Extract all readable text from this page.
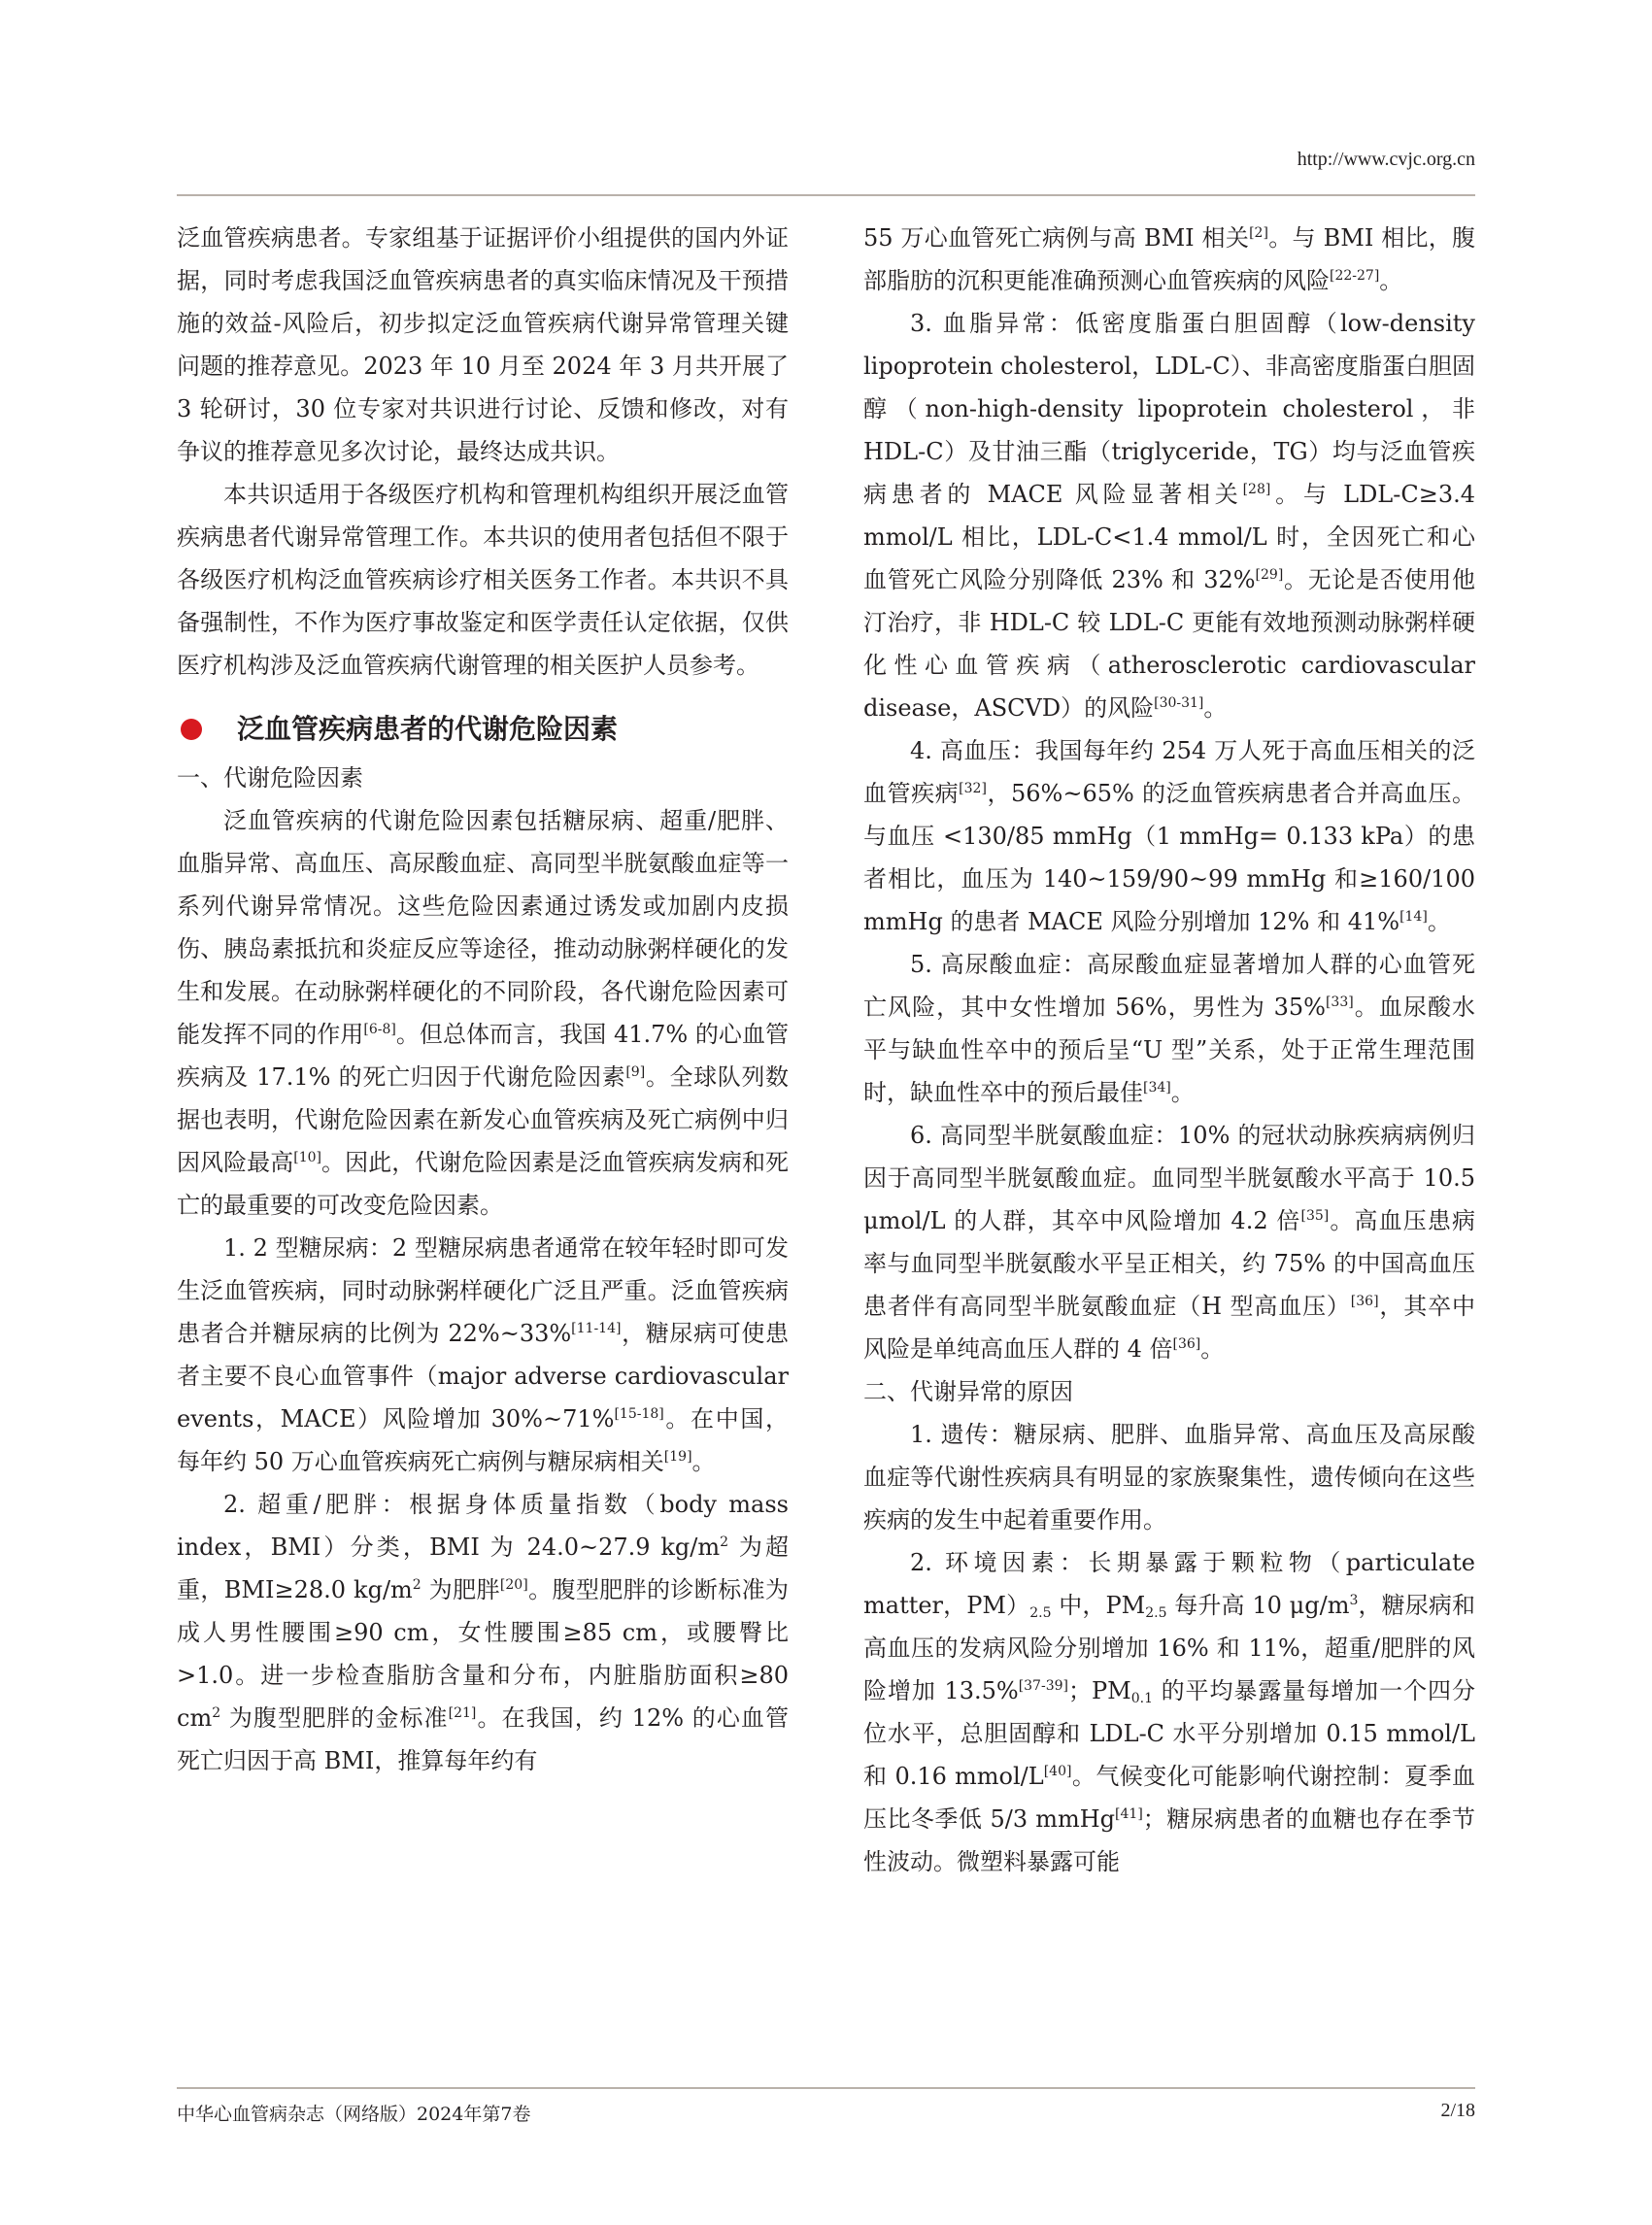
http://www.cvjc.org.cn

泛血管疾病患者。专家组基于证据评价小组提供的国内外证据，同时考虑我国泛血管疾病患者的真实临床情况及干预措施的效益-风险后，初步拟定泛血管疾病代谢异常管理关键问题的推荐意见。2023 年 10 月至 2024 年 3 月共开展了 3 轮研讨，30 位专家对共识进行讨论、反馈和修改，对有争议的推荐意见多次讨论，最终达成共识。

本共识适用于各级医疗机构和管理机构组织开展泛血管疾病患者代谢异常管理工作。本共识的使用者包括但不限于各级医疗机构泛血管疾病诊疗相关医务工作者。本共识不具备强制性，不作为医疗事故鉴定和医学责任认定依据，仅供医疗机构涉及泛血管疾病代谢管理的相关医护人员参考。

泛血管疾病患者的代谢危险因素

一、代谢危险因素

泛血管疾病的代谢危险因素包括糖尿病、超重/肥胖、血脂异常、高血压、高尿酸血症、高同型半胱氨酸血症等一系列代谢异常情况。这些危险因素通过诱发或加剧内皮损伤、胰岛素抵抗和炎症反应等途径，推动动脉粥样硬化的发生和发展。在动脉粥样硬化的不同阶段，各代谢危险因素可能发挥不同的作用[6-8]。但总体而言，我国 41.7% 的心血管疾病及 17.1% 的死亡归因于代谢危险因素[9]。全球队列数据也表明，代谢危险因素在新发心血管疾病及死亡病例中归因风险最高[10]。因此，代谢危险因素是泛血管疾病发病和死亡的最重要的可改变危险因素。

1. 2 型糖尿病：2 型糖尿病患者通常在较年轻时即可发生泛血管疾病，同时动脉粥样硬化广泛且严重。泛血管疾病患者合并糖尿病的比例为 22%~33%[11-14]，糖尿病可使患者主要不良心血管事件（major adverse cardiovascular events，MACE）风险增加 30%~71%[15-18]。在中国，每年约 50 万心血管疾病死亡病例与糖尿病相关[19]。

2. 超重/肥胖：根据身体质量指数（body mass index，BMI）分类，BMI 为 24.0~27.9 $kg/m^2$ 为超重，BMI≥28.0 $kg/m^2$ 为肥胖[20]。腹型肥胖的诊断标准为成人男性腰围≥90 cm，女性腰围≥85 cm，或腰臀比>1.0。进一步检查脂肪含量和分布，内脏脂肪面积≥80 $cm^2$ 为腹型肥胖的金标准[21]。在我国，约 12% 的心血管死亡归因于高 BMI，推算每年约有

55 万心血管死亡病例与高 BMI 相关[2]。与 BMI 相比，腹部脂肪的沉积更能准确预测心血管疾病的风险[22-27]。

3. 血脂异常：低密度脂蛋白胆固醇（low-density lipoprotein cholesterol，LDL-C）、非高密度脂蛋白胆固醇（non-high-density lipoprotein cholesterol，非 HDL-C）及甘油三酯（triglyceride，TG）均与泛血管疾病患者的 MACE 风险显著相关[28]。与 LDL-C≥3.4 mmol/L 相比，LDL-C<1.4 mmol/L 时，全因死亡和心血管死亡风险分别降低 23% 和 32%[29]。无论是否使用他汀治疗，非 HDL-C 较 LDL-C 更能有效地预测动脉粥样硬化性心血管疾病（atherosclerotic cardiovascular disease，ASCVD）的风险[30-31]。

4. 高血压：我国每年约 254 万人死于高血压相关的泛血管疾病[32]，56%~65% 的泛血管疾病患者合并高血压。与血压 <130/85 mmHg（1 mmHg= 0.133 kPa）的患者相比，血压为 140~159/90~99 mmHg 和≥160/100 mmHg 的患者 MACE 风险分别增加 12% 和 41%[14]。

5. 高尿酸血症：高尿酸血症显著增加人群的心血管死亡风险，其中女性增加 56%，男性为 35%[33]。血尿酸水平与缺血性卒中的预后呈“U 型”关系，处于正常生理范围时，缺血性卒中的预后最佳[34]。

6. 高同型半胱氨酸血症：10% 的冠状动脉疾病病例归因于高同型半胱氨酸血症。血同型半胱氨酸水平高于 10.5 μmol/L 的人群，其卒中风险增加 4.2 倍[35]。高血压患病率与血同型半胱氨酸水平呈正相关，约 75% 的中国高血压患者伴有高同型半胱氨酸血症（H 型高血压）[36]，其卒中风险是单纯高血压人群的 4 倍[36]。

二、代谢异常的原因

1. 遗传：糖尿病、肥胖、血脂异常、高血压及高尿酸血症等代谢性疾病具有明显的家族聚集性，遗传倾向在这些疾病的发生中起着重要作用。

2. 环境因素：长期暴露于颗粒物（particulate matter，$PM)_{2.5}$ 中，$PM_{2.5}$ 每升高 10 $\mu g/m^3$，糖尿病和高血压的发病风险分别增加 16% 和 11%，超重/肥胖的风险增加 13.5%[37-39]；$PM_{0.1}$ 的平均暴露量每增加一个四分位水平，总胆固醇和 LDL-C 水平分别增加 0.15 mmol/L 和 0.16 mmol/L[40]。气候变化可能影响代谢控制：夏季血压比冬季低 5/3 mmHg[41]；糖尿病患者的血糖也存在季节性波动。微塑料暴露可能

中华心血管病杂志（网络版）2024年第7卷	2/18
